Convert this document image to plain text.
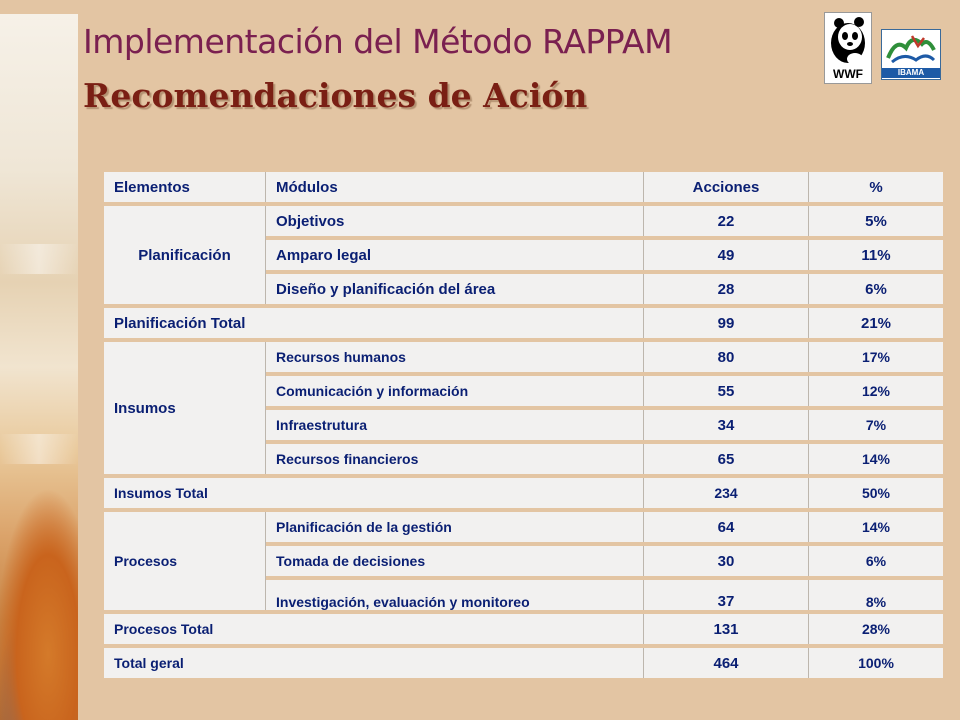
Implementación del Método RAPPAM
Recomendaciones de Ación
WWF	IBAMA
Elementos	Módulos	Acciones	%
Planificación	Objetivos	22	5%
	Amparo legal	49	11%
	Diseño y planificación del área	28	6%
Planificación Total		99	21%
Insumos	Recursos humanos	80	17%
	Comunicación y información	55	12%
	Infraestrutura	34	7%
	Recursos financieros	65	14%
Insumos Total		234	50%
Procesos	Planificación de la gestión	64	14%
	Tomada de decisiones	30	6%
	Investigación, evaluación y monitoreo	37	8%
Procesos Total		131	28%
Total geral		464	100%
